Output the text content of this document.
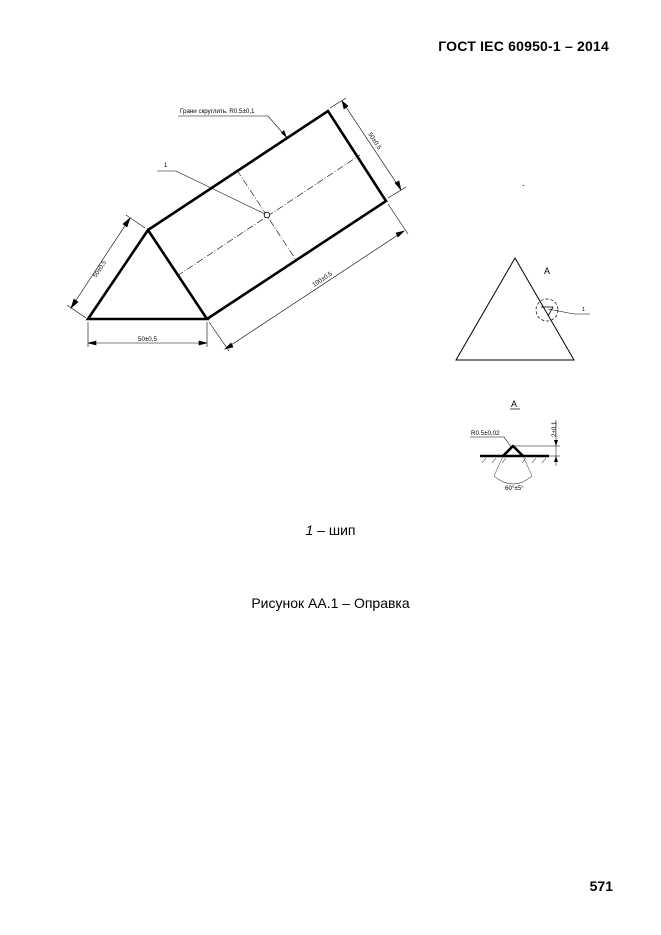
ГОСТ IEC 60950-1 – 2014
1
Грани скруглить. R0.5±0,1
50±0,5
100±0,5
50±0,5
50±0,5
A
1
.
A
R0.5±0,02	2±0,1
60°±5°
1 – шип
Рисунок АА.1 – Оправка
571
